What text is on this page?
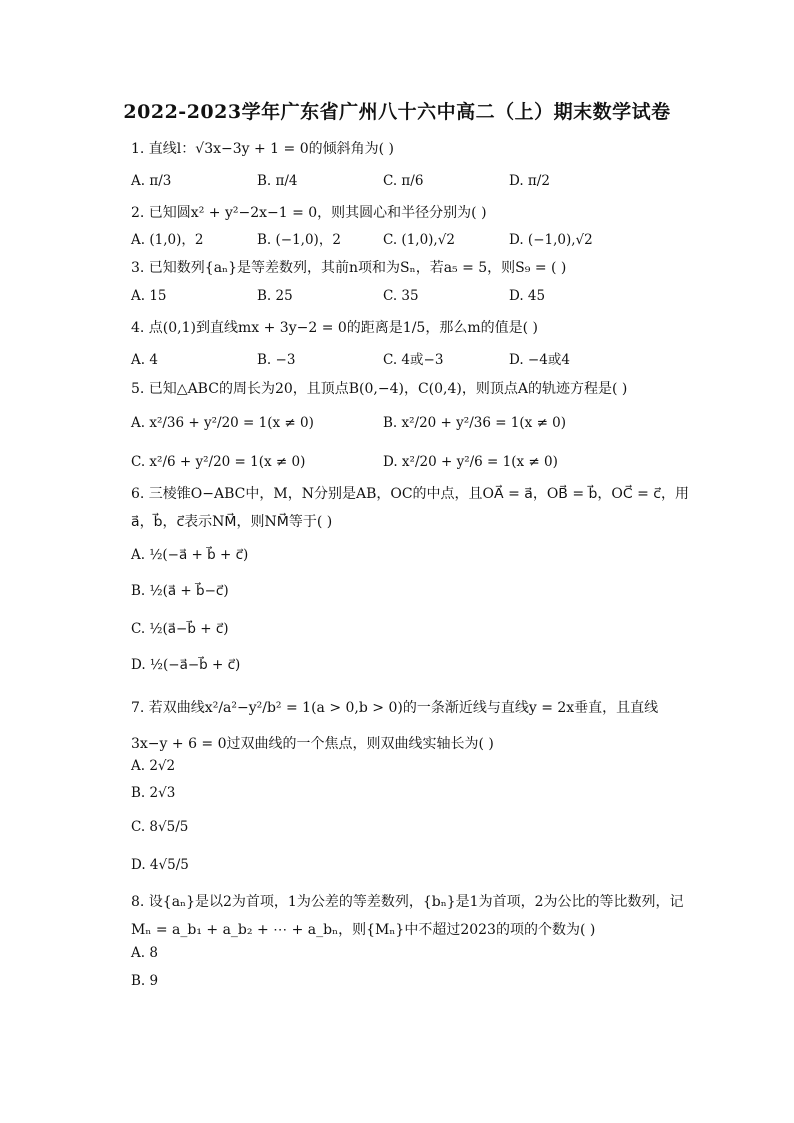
2022-2023学年广东省广州八十六中高二（上）期末数学试卷
1. 直线l：√3x−3y + 1 = 0的倾斜角为( )
A. π/3	B. π/4	C. π/6	D. π/2
2. 已知圆x² + y²−2x−1 = 0，则其圆心和半径分别为( )
A. (1,0)，2	B. (−1,0)，2	C. (1,0),√2	D. (−1,0),√2
3. 已知数列{aₙ}是等差数列，其前n项和为Sₙ，若a₅ = 5，则S₉ = ( )
A. 15	B. 25	C. 35	D. 45
4. 点(0,1)到直线mx + 3y−2 = 0的距离是1/5，那么m的值是( )
A. 4	B. −3	C. 4或−3	D. −4或4
5. 已知△ABC的周长为20，且顶点B(0,−4)，C(0,4)，则顶点A的轨迹方程是( )
A. x²/36 + y²/20 = 1(x ≠ 0)	B. x²/20 + y²/36 = 1(x ≠ 0)
C. x²/6 + y²/20 = 1(x ≠ 0)	D. x²/20 + y²/6 = 1(x ≠ 0)
6. 三棱锥O−ABC中，M，N分别是AB，OC的中点，且OA⃗ = a⃗，OB⃗ = b⃗，OC⃗ = c⃗，用a⃗，b⃗，c⃗表示NM⃗，则NM⃗等于( )
A. ½(−a⃗ + b⃗ + c⃗)
B. ½(a⃗ + b⃗−c⃗)
C. ½(a⃗−b⃗ + c⃗)
D. ½(−a⃗−b⃗ + c⃗)
7. 若双曲线x²/a²−y²/b² = 1(a > 0,b > 0)的一条渐近线与直线y = 2x垂直，且直线3x−y + 6 = 0过双曲线的一个焦点，则双曲线实轴长为( )
A. 2√2
B. 2√3
C. 8√5/5
D. 4√5/5
8. 设{aₙ}是以2为首项，1为公差的等差数列，{bₙ}是1为首项，2为公比的等比数列，记Mₙ = a_b₁ + a_b₂ + ⋯ + a_bₙ，则{Mₙ}中不超过2023的项的个数为( )
A. 8
B. 9
